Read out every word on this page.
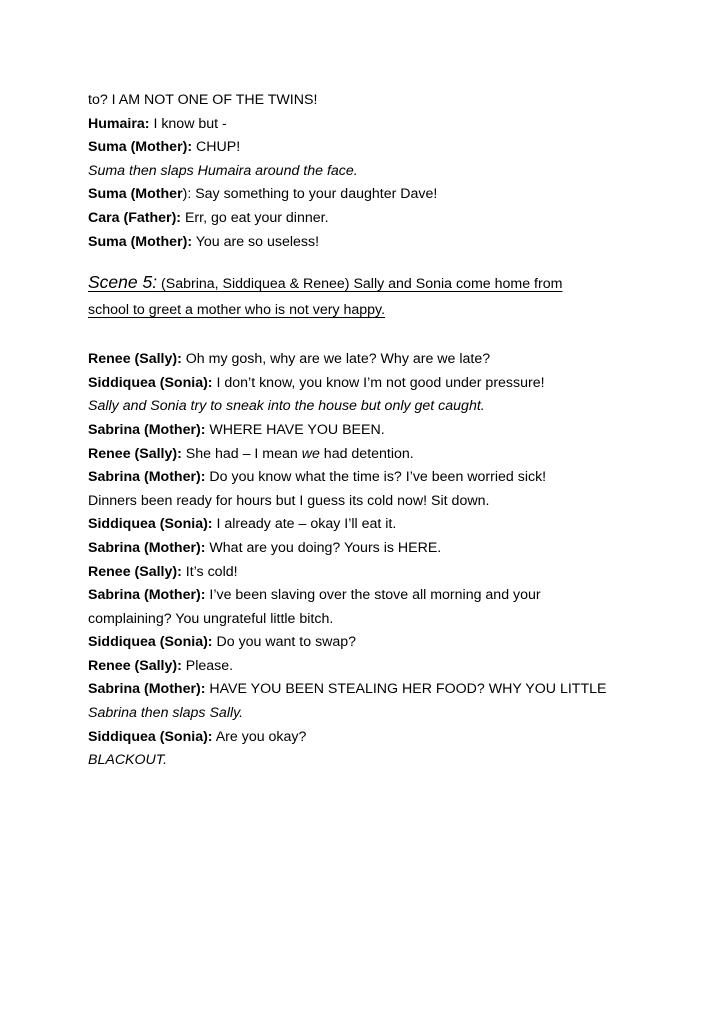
to? I AM NOT ONE OF THE TWINS!
Humaira: I know but -
Suma (Mother): CHUP!
Suma then slaps Humaira around the face.
Suma (Mother): Say something to your daughter Dave!
Cara (Father): Err, go eat your dinner.
Suma (Mother): You are so useless!
Scene 5: (Sabrina, Siddiquea & Renee) Sally and Sonia come home from
school to greet a mother who is not very happy.
Renee (Sally): Oh my gosh, why are we late? Why are we late?
Siddiquea (Sonia): I don’t know, you know I’m not good under pressure!
Sally and Sonia try to sneak into the house but only get caught.
Sabrina (Mother): WHERE HAVE YOU BEEN.
Renee (Sally): She had – I mean we had detention.
Sabrina (Mother): Do you know what the time is? I’ve been worried sick!
Dinners been ready for hours but I guess its cold now! Sit down.
Siddiquea (Sonia): I already ate – okay I’ll eat it.
Sabrina (Mother): What are you doing? Yours is HERE.
Renee (Sally): It’s cold!
Sabrina (Mother): I’ve been slaving over the stove all morning and your
complaining? You ungrateful little bitch.
Siddiquea (Sonia): Do you want to swap?
Renee (Sally): Please.
Sabrina (Mother): HAVE YOU BEEN STEALING HER FOOD? WHY YOU LITTLE
Sabrina then slaps Sally.
Siddiquea (Sonia): Are you okay?
BLACKOUT.
